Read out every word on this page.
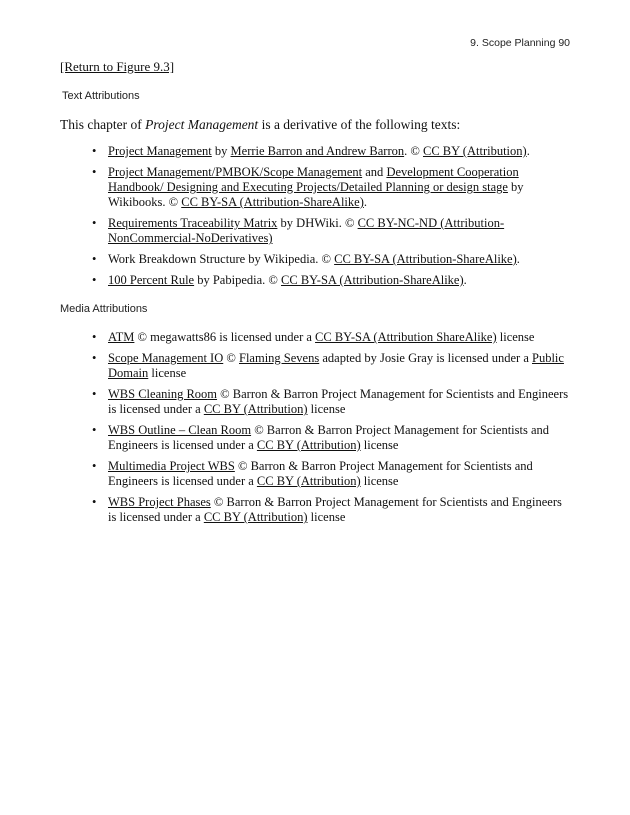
9. Scope Planning 90
[Return to Figure 9.3]
Text Attributions

This chapter of Project Management is a derivative of the following texts:

• Project Management by Merrie Barron and Andrew Barron. © CC BY (Attribution).
• Project Management/PMBOK/Scope Management and Development Cooperation Handbook/ Designing and Executing Projects/Detailed Planning or design stage by Wikibooks. © CC BY-SA (Attribution-ShareAlike).
• Requirements Traceability Matrix by DHWiki. © CC BY-NC-ND (Attribution-NonCommercial-NoDerivatives)
• Work Breakdown Structure by Wikipedia. © CC BY-SA (Attribution-ShareAlike).
• 100 Percent Rule by Pabipedia. © CC BY-SA (Attribution-ShareAlike).
Media Attributions
• ATM © megawatts86 is licensed under a CC BY-SA (Attribution ShareAlike) license
• Scope Management IO © Flaming Sevens adapted by Josie Gray is licensed under a Public Domain license
• WBS Cleaning Room © Barron & Barron Project Management for Scientists and Engineers is licensed under a CC BY (Attribution) license
• WBS Outline – Clean Room © Barron & Barron Project Management for Scientists and Engineers is licensed under a CC BY (Attribution) license
• Multimedia Project WBS © Barron & Barron Project Management for Scientists and Engineers is licensed under a CC BY (Attribution) license
• WBS Project Phases © Barron & Barron Project Management for Scientists and Engineers is licensed under a CC BY (Attribution) license
